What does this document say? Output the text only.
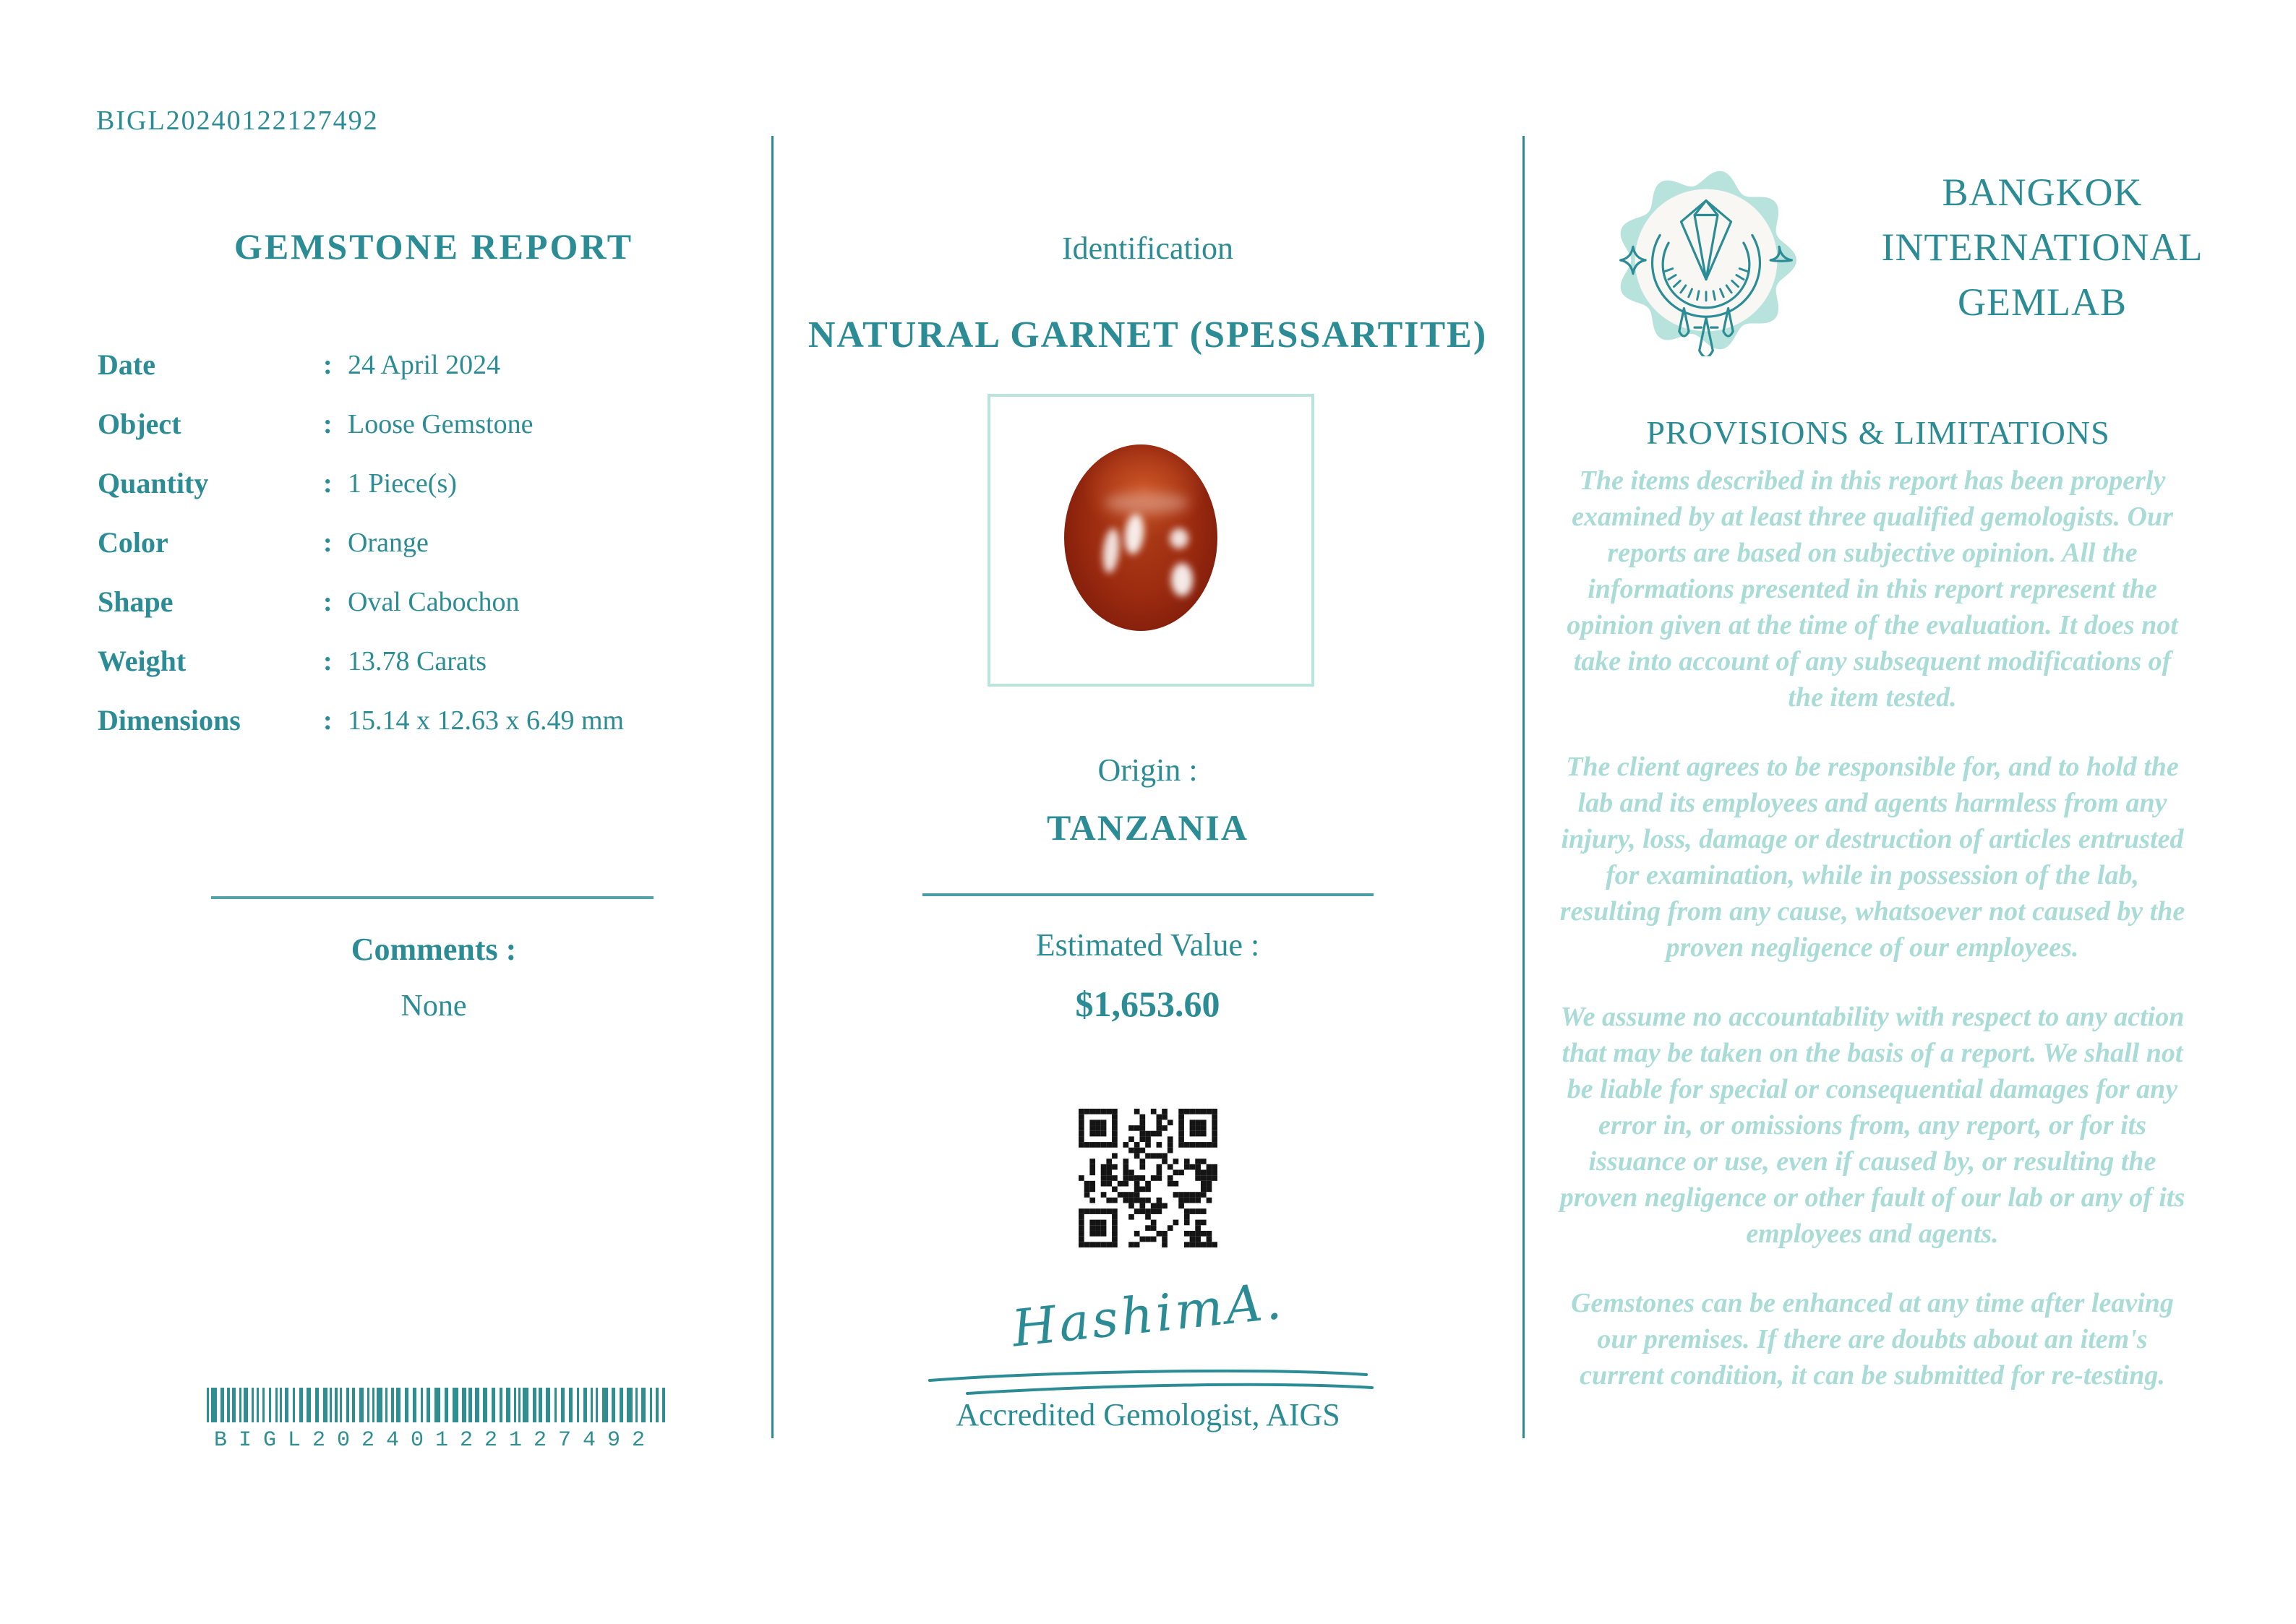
BIGL20240122127492
GEMSTONE REPORT
Date	: 24 April 2024
Object	: Loose Gemstone
Quantity	: 1 Piece(s)
Color	: Orange
Shape	: Oval Cabochon
Weight	: 13.78 Carats
Dimensions	: 15.14 x 12.63 x 6.49 mm
Comments :
None
BIGL20240122127492
Identification
NATURAL GARNET (SPESSARTITE)
Origin :
TANZANIA
Estimated Value :
$1,653.60
HashimA.
Accredited Gemologist, AIGS
BANGKOK
INTERNATIONAL
GEMLAB
PROVISIONS & LIMITATIONS

The items described in this report has been properly examined by at least three qualified gemologists. Our reports are based on subjective opinion. All the informations presented in this report represent the opinion given at the time of the evaluation. It does not take into account of any subsequent modifications of the item tested.

The client agrees to be responsible for, and to hold the lab and its employees and agents harmless from any injury, loss, damage or destruction of articles entrusted for examination, while in possession of the lab, resulting from any cause, whatsoever not caused by the proven negligence of our employees.

We assume no accountability with respect to any action that may be taken on the basis of a report. We shall not be liable for special or consequential damages for any error in, or omissions from, any report, or for its issuance or use, even if caused by, or resulting the proven negligence or other fault of our lab or any of its employees and agents.

Gemstones can be enhanced at any time after leaving our premises. If there are doubts about an item's current condition, it can be submitted for re-testing.
